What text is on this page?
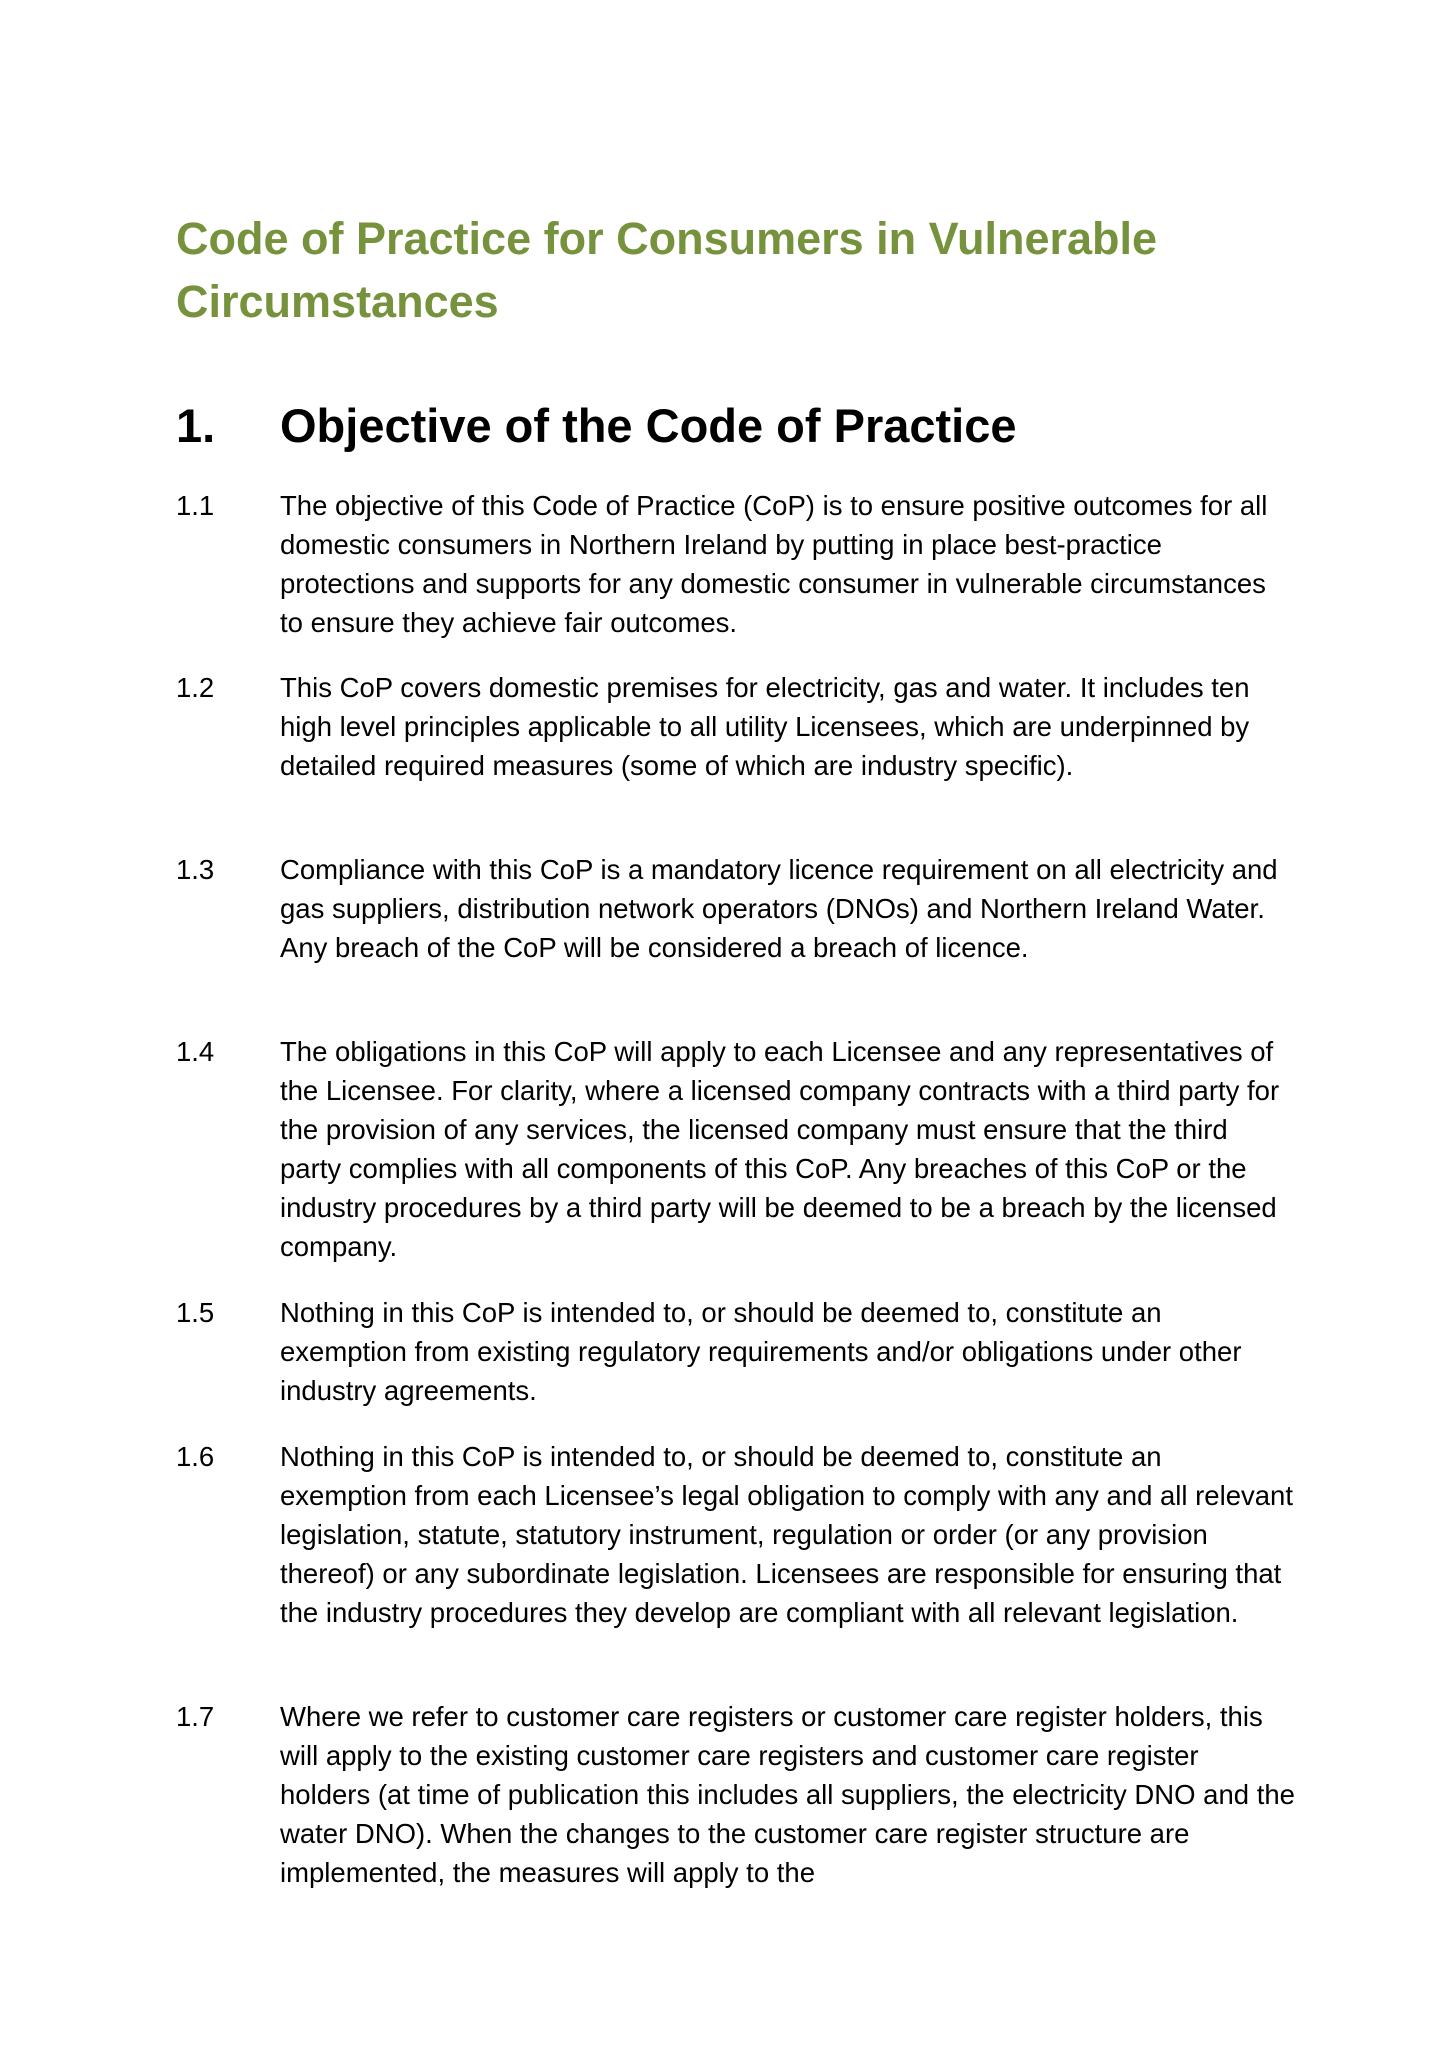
Code of Practice for Consumers in Vulnerable Circumstances
1. Objective of the Code of Practice
1.1 The objective of this Code of Practice (CoP) is to ensure positive outcomes for all domestic consumers in Northern Ireland by putting in place best-practice protections and supports for any domestic consumer in vulnerable circumstances to ensure they achieve fair outcomes.
1.2 This CoP covers domestic premises for electricity, gas and water. It includes ten high level principles applicable to all utility Licensees, which are underpinned by detailed required measures (some of which are industry specific).
1.3 Compliance with this CoP is a mandatory licence requirement on all electricity and gas suppliers, distribution network operators (DNOs) and Northern Ireland Water. Any breach of the CoP will be considered a breach of licence.
1.4 The obligations in this CoP will apply to each Licensee and any representatives of the Licensee. For clarity, where a licensed company contracts with a third party for the provision of any services, the licensed company must ensure that the third party complies with all components of this CoP. Any breaches of this CoP or the industry procedures by a third party will be deemed to be a breach by the licensed company.
1.5 Nothing in this CoP is intended to, or should be deemed to, constitute an exemption from existing regulatory requirements and/or obligations under other industry agreements.
1.6 Nothing in this CoP is intended to, or should be deemed to, constitute an exemption from each Licensee’s legal obligation to comply with any and all relevant legislation, statute, statutory instrument, regulation or order (or any provision thereof) or any subordinate legislation. Licensees are responsible for ensuring that the industry procedures they develop are compliant with all relevant legislation.
1.7 Where we refer to customer care registers or customer care register holders, this will apply to the existing customer care registers and customer care register holders (at time of publication this includes all suppliers, the electricity DNO and the water DNO). When the changes to the customer care register structure are implemented, the measures will apply to the
